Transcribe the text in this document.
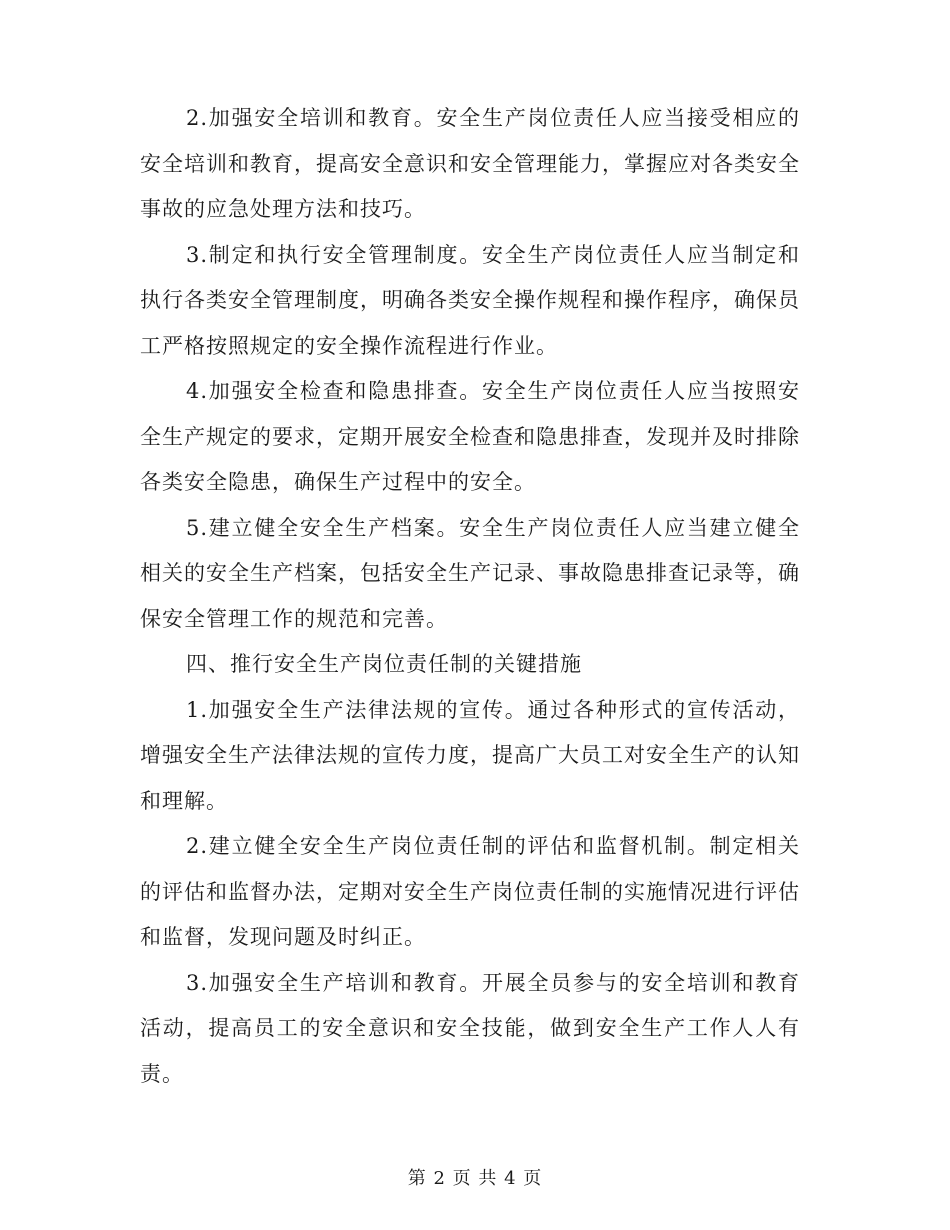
2.加强安全培训和教育。安全生产岗位责任人应当接受相应的安全培训和教育，提高安全意识和安全管理能力，掌握应对各类安全事故的应急处理方法和技巧。

3.制定和执行安全管理制度。安全生产岗位责任人应当制定和执行各类安全管理制度，明确各类安全操作规程和操作程序，确保员工严格按照规定的安全操作流程进行作业。

4.加强安全检查和隐患排查。安全生产岗位责任人应当按照安全生产规定的要求，定期开展安全检查和隐患排查，发现并及时排除各类安全隐患，确保生产过程中的安全。

5.建立健全安全生产档案。安全生产岗位责任人应当建立健全相关的安全生产档案，包括安全生产记录、事故隐患排查记录等，确保安全管理工作的规范和完善。

四、推行安全生产岗位责任制的关键措施

1.加强安全生产法律法规的宣传。通过各种形式的宣传活动，增强安全生产法律法规的宣传力度，提高广大员工对安全生产的认知和理解。

2.建立健全安全生产岗位责任制的评估和监督机制。制定相关的评估和监督办法，定期对安全生产岗位责任制的实施情况进行评估和监督，发现问题及时纠正。

3.加强安全生产培训和教育。开展全员参与的安全培训和教育活动，提高员工的安全意识和安全技能，做到安全生产工作人人有责。

第 2 页 共 4 页
